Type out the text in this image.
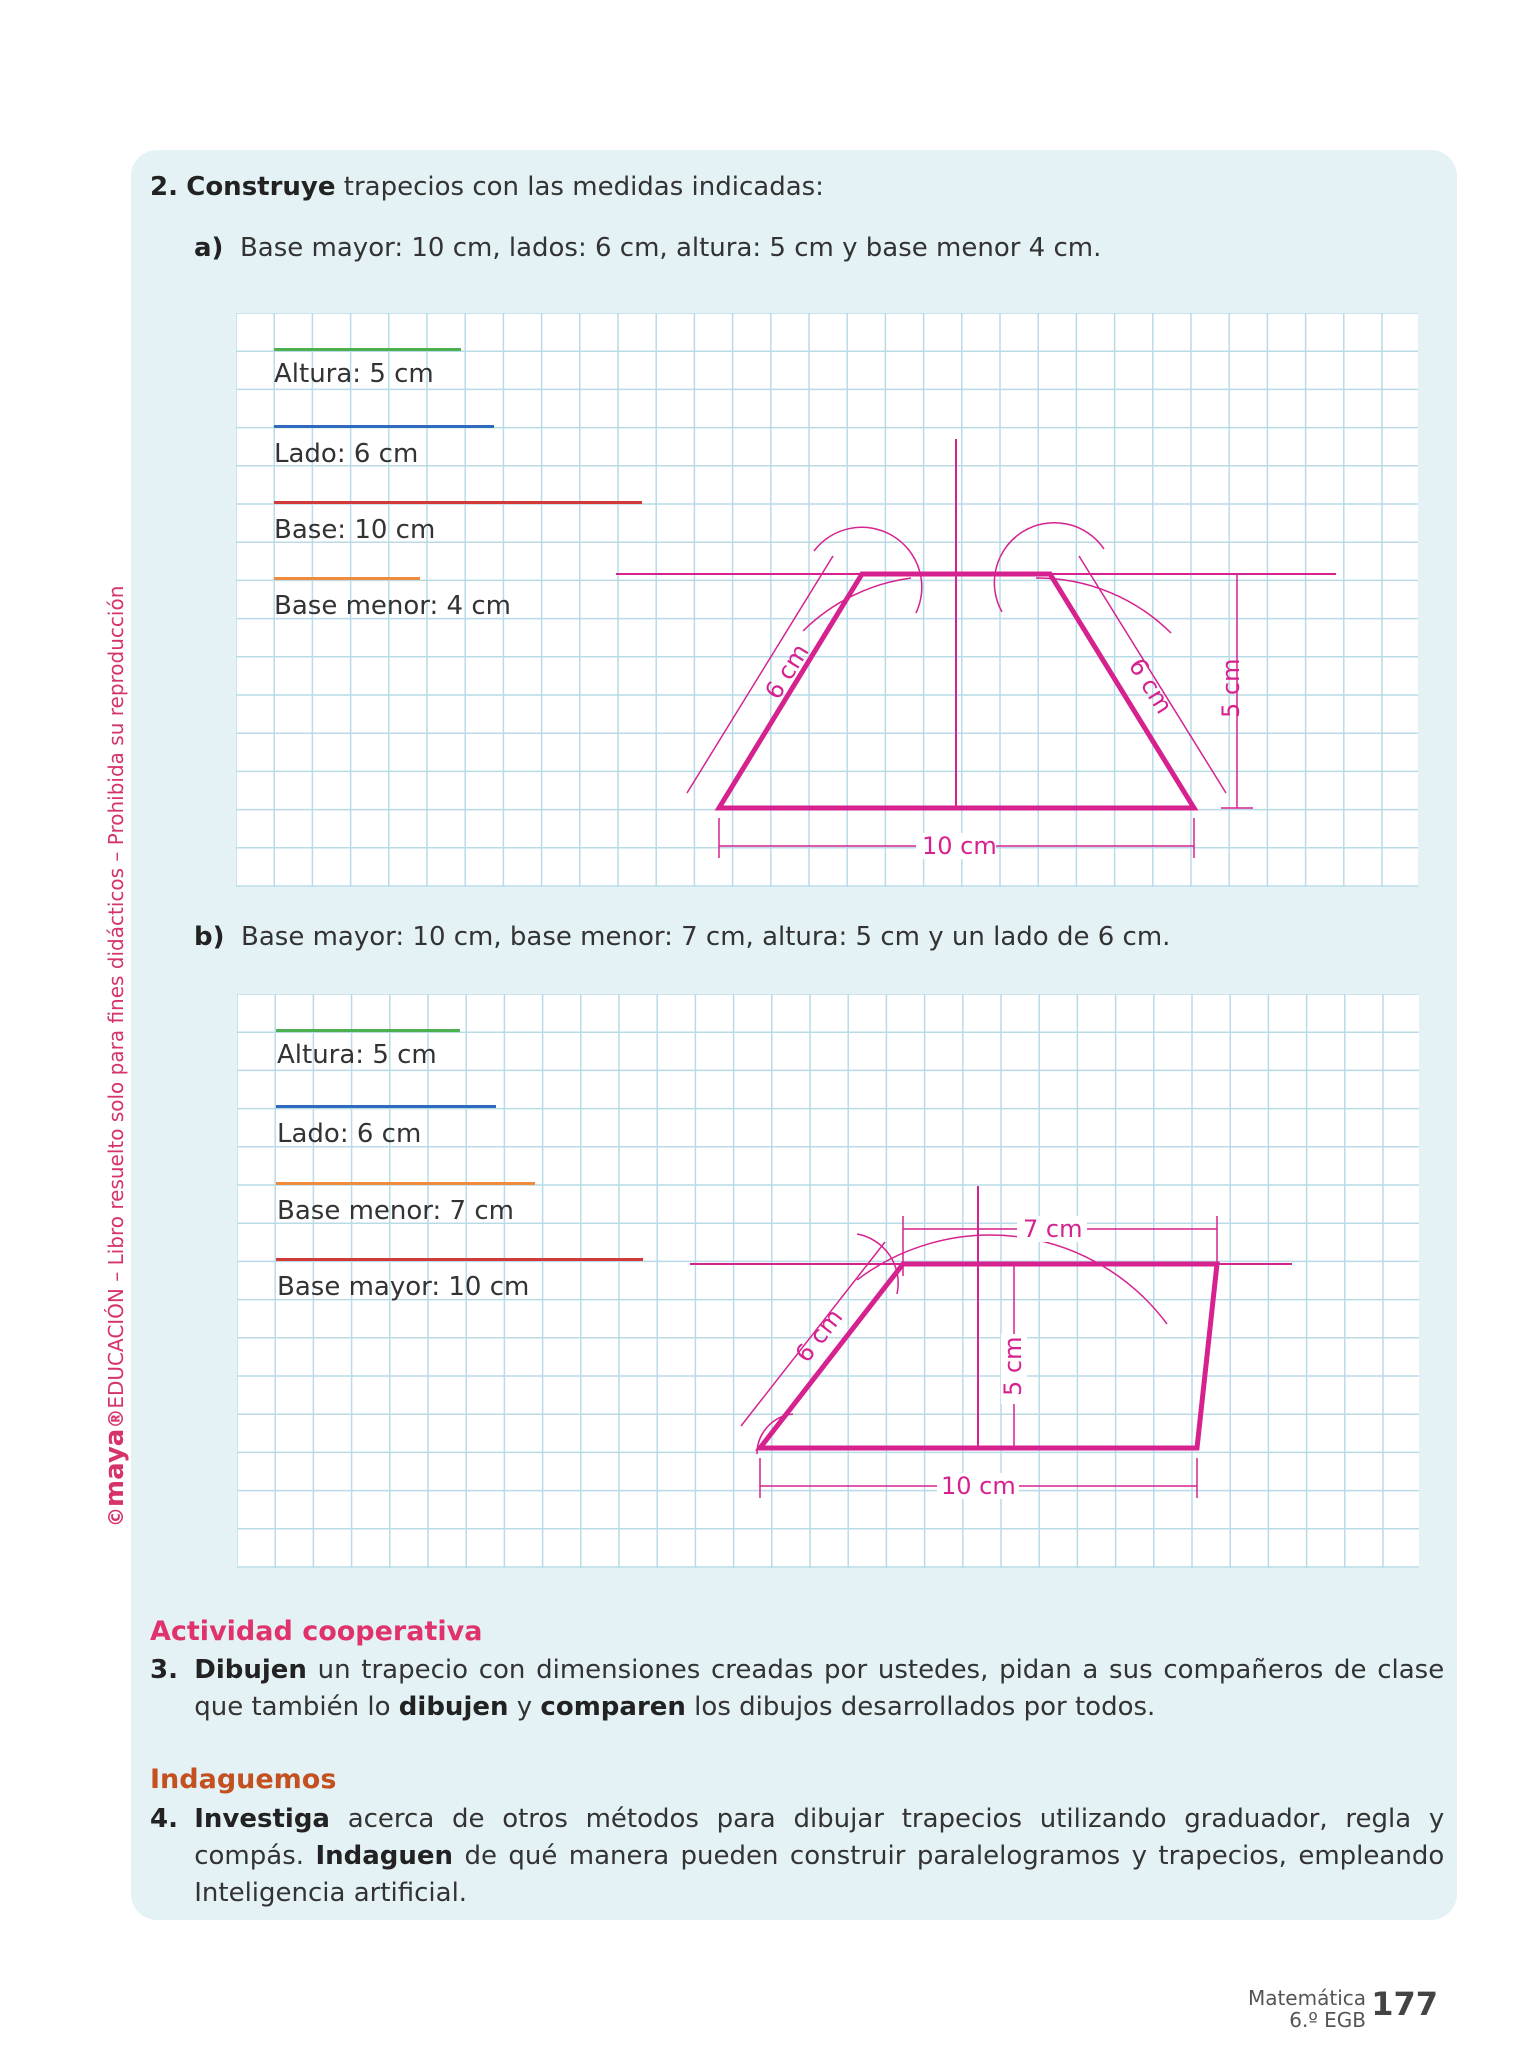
©maya®EDUCACIÓN – Libro resuelto solo para fines didácticos – Prohibida su reproducción
2. Construye trapecios con las medidas indicadas:
a) Base mayor: 10 cm, lados: 6 cm, altura: 5 cm y base menor 4 cm.
6 cm	6 cm 5 cm
10 cm
Altura: 5 cm
Lado: 6 cm
Base: 10 cm
Base menor: 4 cm
b) Base mayor: 10 cm, base menor: 7 cm, altura: 5 cm y un lado de 6 cm.
7 cm
6 cm	5 cm
10 cm
Altura: 5 cm
Lado: 6 cm
Base menor: 7 cm
Base mayor: 10 cm
Actividad cooperativa
3. Dibujen un trapecio con dimensiones creadas por ustedes, pidan a sus compañeros de clase que también lo dibujen y comparen los dibujos desarrollados por todos.
Indaguemos
4. Investiga acerca de otros métodos para dibujar trapecios utilizando graduador, regla y compás. Indaguen de qué manera pueden construir paralelogramos y trapecios, empleando Inteligencia artificial.
Matemática
6.º EGB 177
